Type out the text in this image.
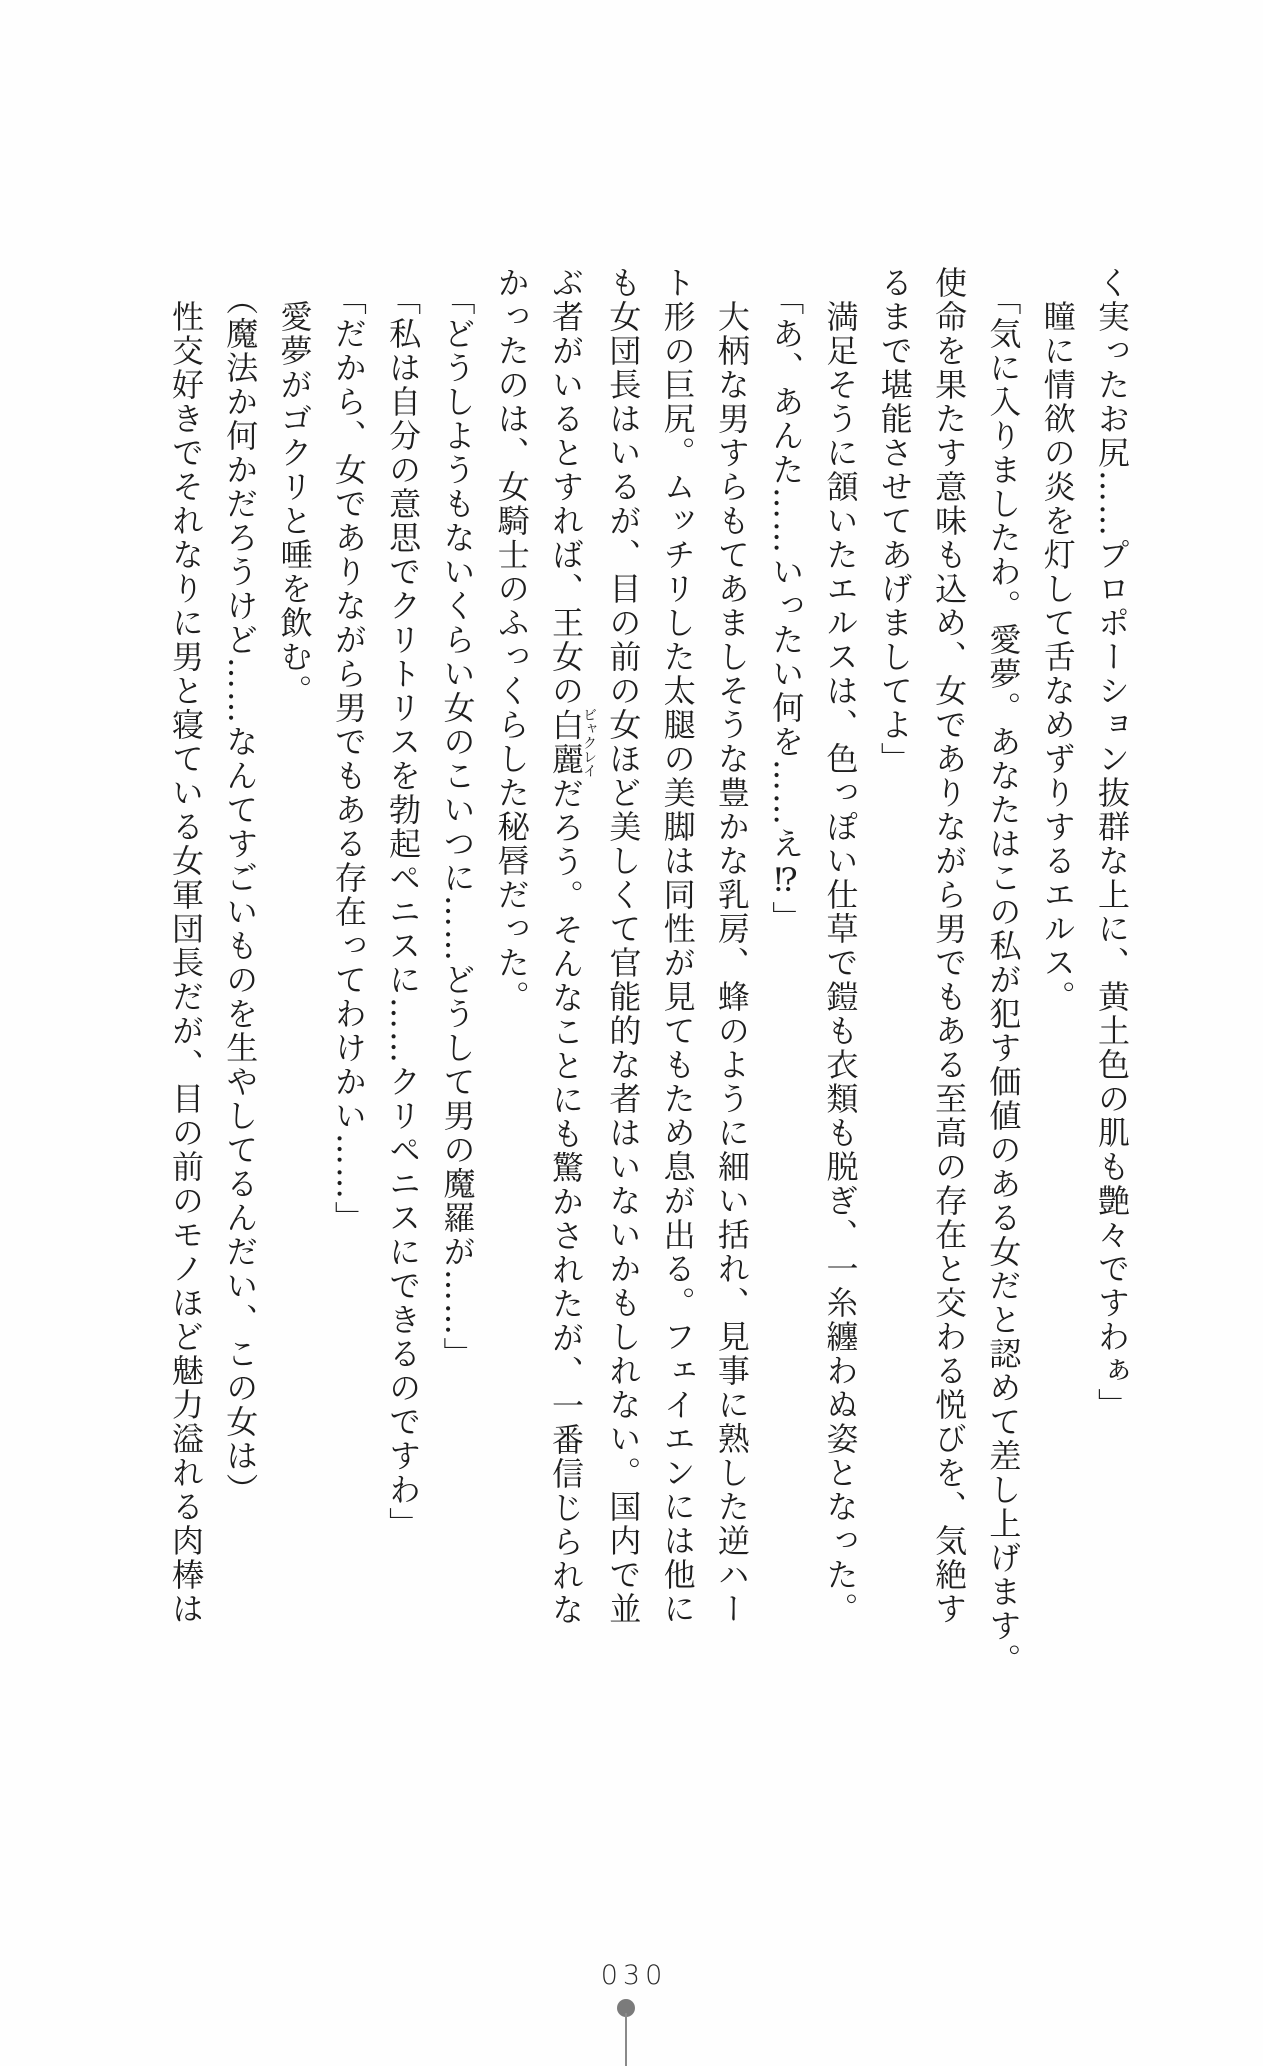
く実ったお尻……プロポーション抜群な上に、黄土色の肌も艶々ですわぁ」
瞳に情欲の炎を灯して舌なめずりするエルス。
「気に入りましたわ。愛夢。あなたはこの私が犯す価値のある女だと認めて差し上げます。
使命を果たす意味も込め、女でありながら男でもある至高の存在と交わる悦びを、気絶す
るまで堪能させてあげましてよ」
満足そうに頷いたエルスは、色っぽい仕草で鎧も衣類も脱ぎ、一糸纏わぬ姿となった。
「あ、あんた……いったい何を……え⁉」
大柄な男すらもてあましそうな豊かな乳房、蜂のように細い括れ、見事に熟した逆ハー
ト形の巨尻。ムッチリした太腿の美脚は同性が見てもため息が出る。フェイエンには他に
も女団長はいるが、目の前の女ほど美しくて官能的な者はいないかもしれない。国内で並
ぶ者がいるとすれば、王女の白麗ビャクレイだろう。そんなことにも驚かされたが、一番信じられな
かったのは、女騎士のふっくらした秘唇だった。
「どうしようもないくらい女のこいつに……どうして男の魔羅が……」
「私は自分の意思でクリトリスを勃起ペニスに……クリペニスにできるのですわ」
「だから、女でありながら男でもある存在ってわけかい……」
愛夢がゴクリと唾を飲む。
（魔法か何かだろうけど……なんてすごいものを生やしてるんだい、この女は）
性交好きでそれなりに男と寝ている女軍団長だが、目の前のモノほど魅力溢れる肉棒は
030
